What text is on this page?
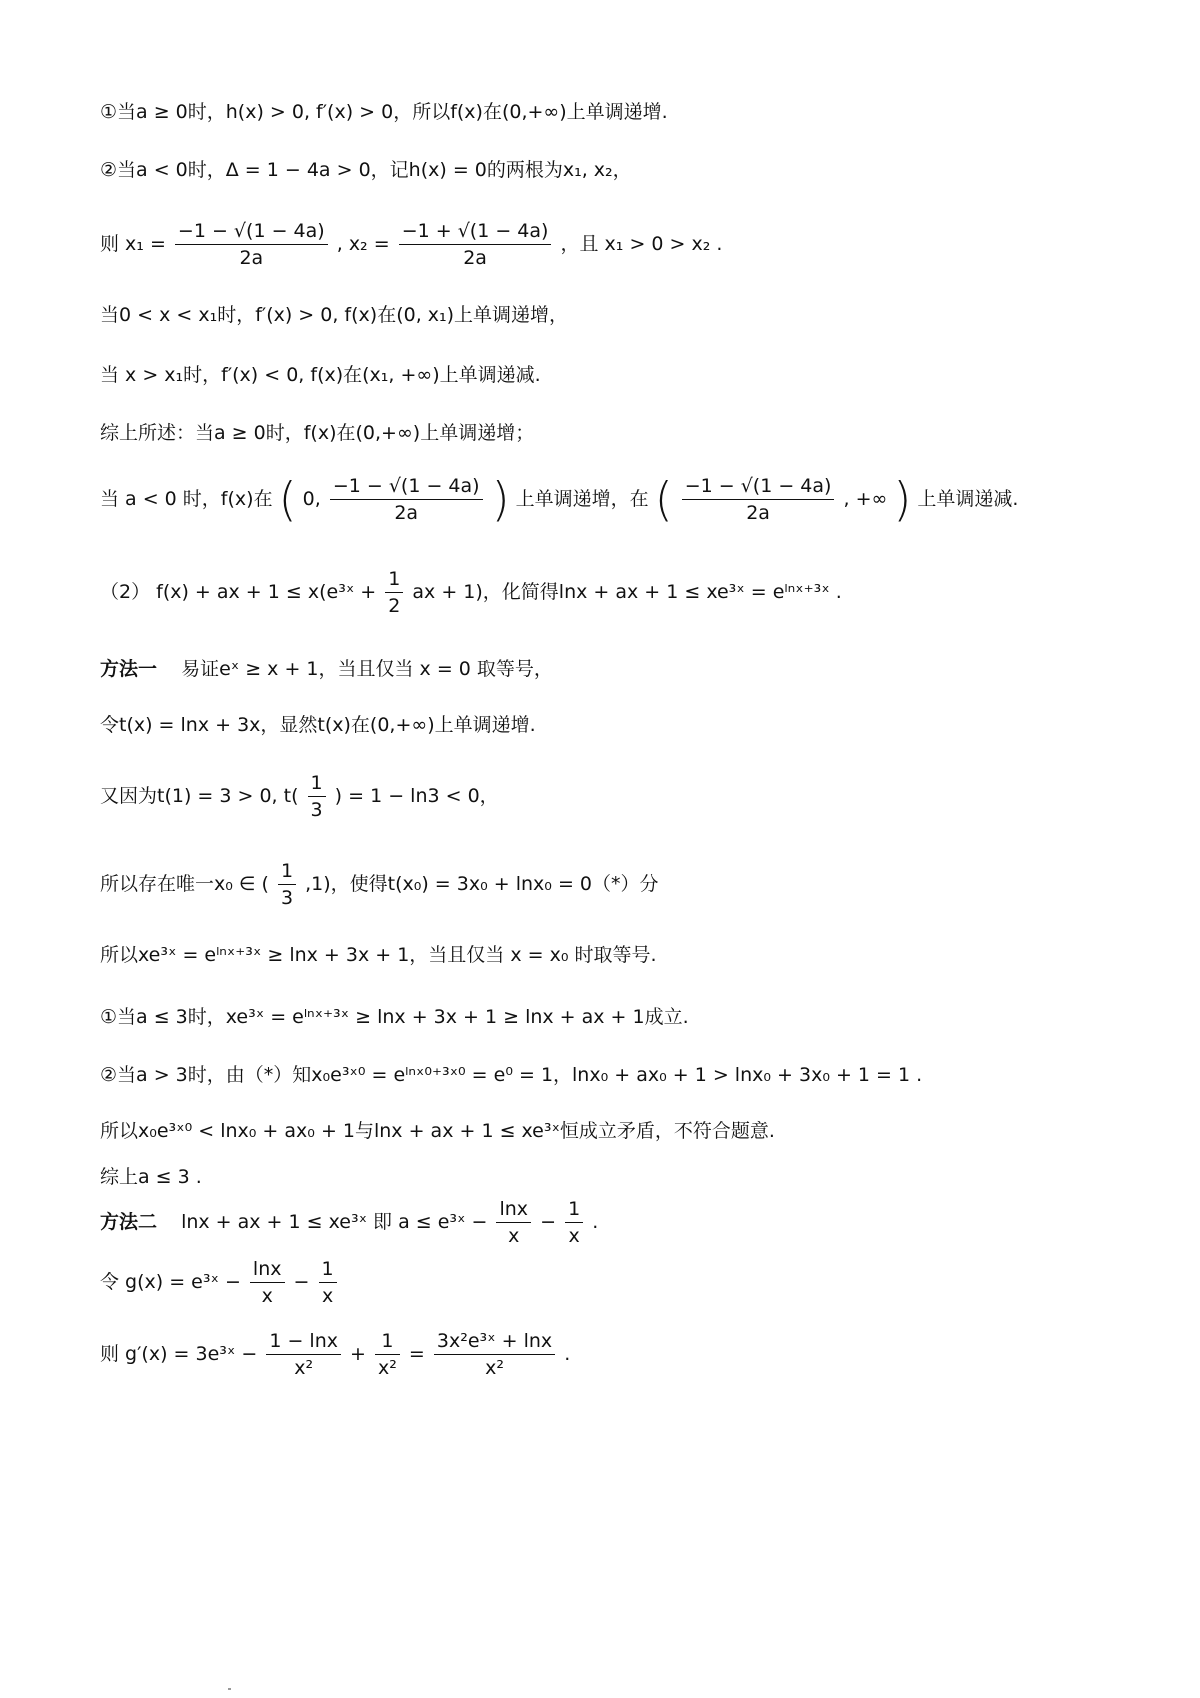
①当a ≥ 0时，h(x) > 0, f′(x) > 0，所以f(x)在(0,+∞)上单调递增.
②当a < 0时，Δ = 1 − 4a > 0，记h(x) = 0的两根为x₁, x₂，
则 $x_1 = \frac{-1 - √(1 - 4a)}{2a}$ , $x_2 = \frac{-1 + √(1 - 4a)}{2a}$ ，且 x₁ > 0 > x₂ .
当0 < x < x₁时，f′(x) > 0, f(x)在(0, x₁)上单调递增，
当 x > x₁时，f′(x) < 0, f(x)在(x₁, +∞)上单调递减.
综上所述：当a ≥ 0时，f(x)在(0,+∞)上单调递增；
当 a < 0 时，f(x)在 ( 0, $\frac{-1 - √(1 - 4a)}{2a}$ ) 上单调递增，在 ( $\frac{-1 - √(1 - 4a)}{2a}$ , +∞ ) 上单调递减.
（2） f(x) + ax + 1 ≤ x(e³ˣ + $\frac{1}{2}$ ax + 1)，化简得lnx + ax + 1 ≤ xe³ˣ = eˡⁿˣ⁺³ˣ .
方法一 易证eˣ ≥ x + 1，当且仅当 x = 0 取等号，
令t(x) = lnx + 3x，显然t(x)在(0,+∞)上单调递增.
又因为t(1) = 3 > 0, $t( \frac{1}{3}$ ) = 1 − ln3 < 0，
所以存在唯一x₀ ∈ ( $\frac{1}{3} ,1$)，使得t(x₀) = 3x₀ + lnx₀ = 0（*）分
所以xe³ˣ = eˡⁿˣ⁺³ˣ ≥ lnx + 3x + 1，当且仅当 x = x₀ 时取等号.
①当a ≤ 3时，xe³ˣ = eˡⁿˣ⁺³ˣ ≥ lnx + 3x + 1 ≥ lnx + ax + 1成立.
②当a > 3时，由（*）知x₀e³ˣ⁰ = eˡⁿˣ⁰⁺³ˣ⁰ = e⁰ = 1，lnx₀ + ax₀ + 1 > lnx₀ + 3x₀ + 1 = 1 .
所以x₀e³ˣ⁰ < lnx₀ + ax₀ + 1与lnx + ax + 1 ≤ xe³ˣ恒成立矛盾，不符合题意.
综上a ≤ 3 .
方法二 lnx + ax + 1 ≤ xe³ˣ 即 a ≤ e³ˣ − $\frac{\ln x}{x} - \frac{1}{x}$ .
令 g(x) = e³ˣ − $\frac{\ln x}{x} - \frac{1}{x}$
则 g′(x) = 3e³ˣ − $\frac{1 - \ln x}{\text{x²}} + \frac{1}{\text{x²}} = \frac{\text{3x²e³ˣ + lnx}}{\text{x²}}$ .
